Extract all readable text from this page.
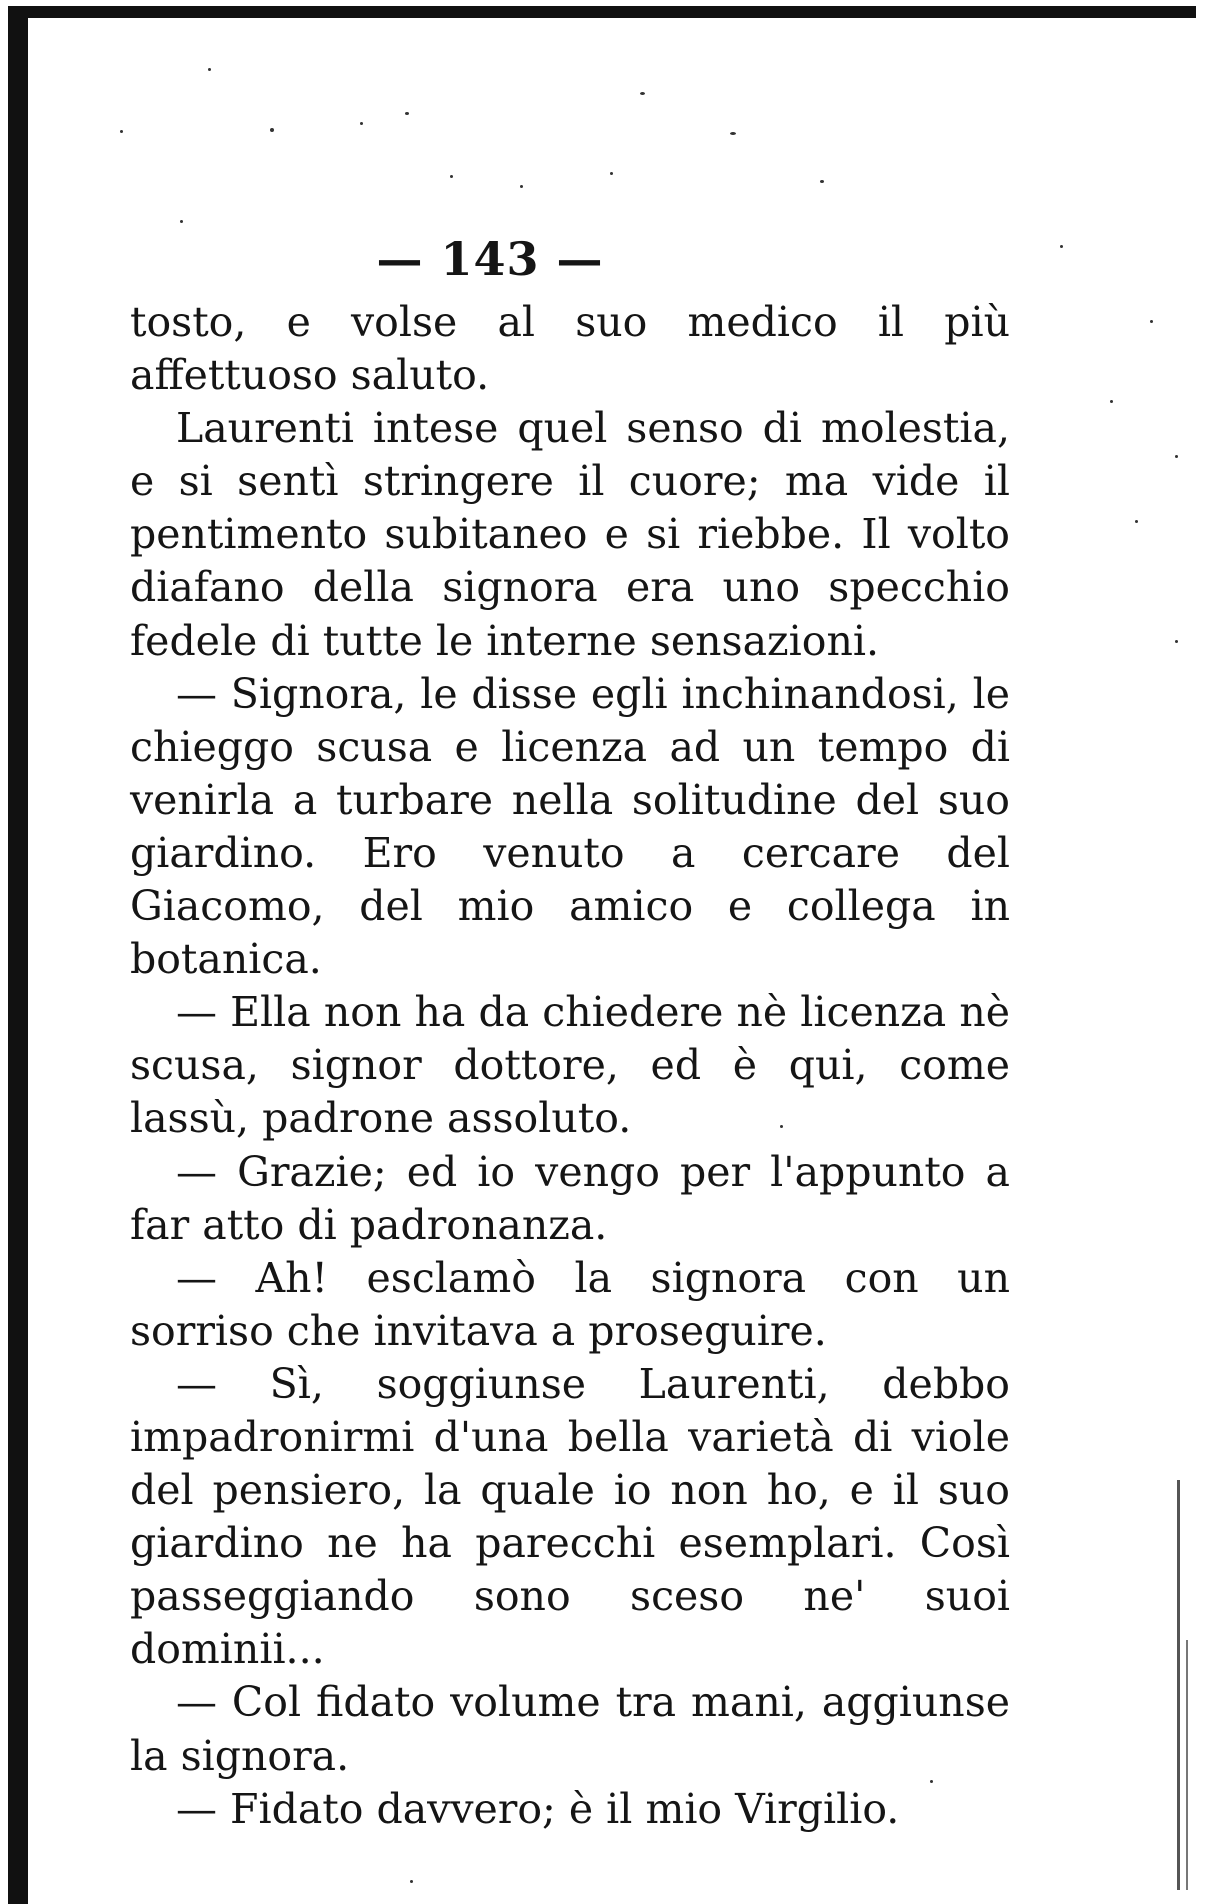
— 143 —

tosto, e volse al suo medico il più affettuoso saluto.

Laurenti intese quel senso di molestia, e si sentì stringere il cuore; ma vide il pentimento subitaneo e si riebbe. Il volto diafano della signora era uno specchio fedele di tutte le interne sensazioni.

— Signora, le disse egli inchinandosi, le chieggo scusa e licenza ad un tempo di venirla a turbare nella solitudine del suo giardino. Ero venuto a cercare del Giacomo, del mio amico e collega in botanica.

— Ella non ha da chiedere nè licenza nè scusa, signor dottore, ed è qui, come lassù, padrone assoluto.

— Grazie; ed io vengo per l'appunto a far atto di padronanza.

— Ah! esclamò la signora con un sorriso che invitava a proseguire.

— Sì, soggiunse Laurenti, debbo impadronirmi d'una bella varietà di viole del pensiero, la quale io non ho, e il suo giardino ne ha parecchi esemplari. Così passeggiando sono sceso ne' suoi dominii...

— Col fidato volume tra mani, aggiunse la signora.

— Fidato davvero; è il mio Virgilio.
